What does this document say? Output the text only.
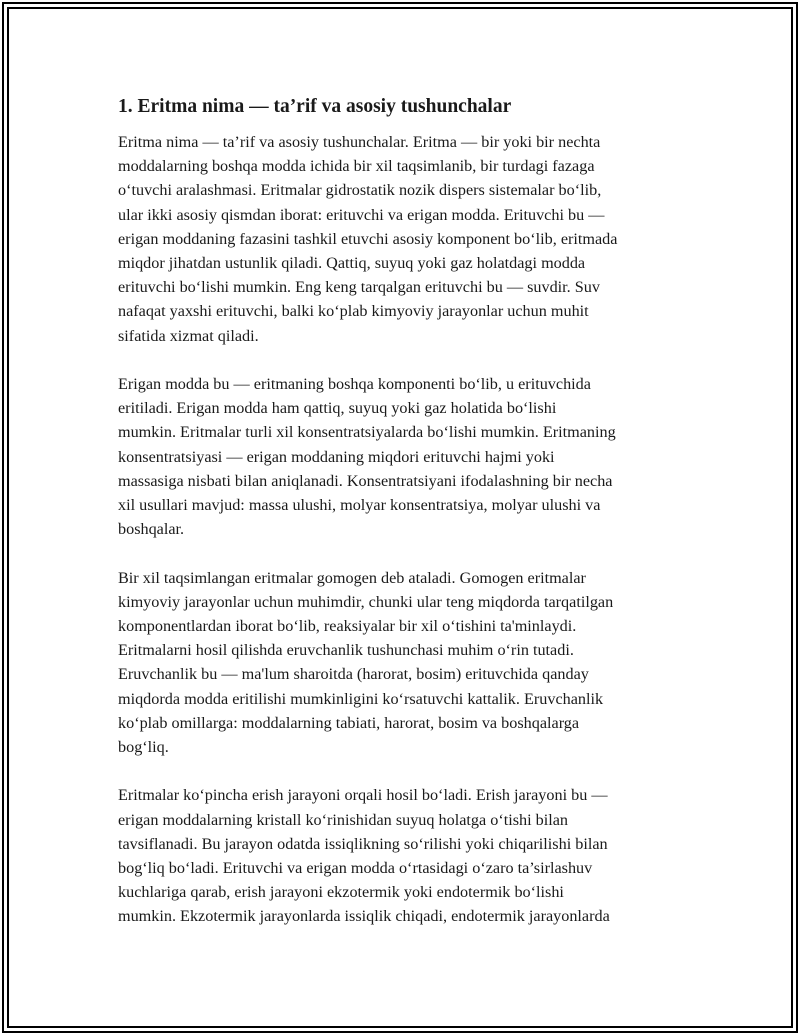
1. Eritma nima — ta’rif va asosiy tushunchalar

Eritma nima — ta’rif va asosiy tushunchalar. Eritma — bir yoki bir nechta
moddalarning boshqa modda ichida bir xil taqsimlanib, bir turdagi fazaga
o‘tuvchi aralashmasi. Eritmalar gidrostatik nozik dispers sistemalar bo‘lib,
ular ikki asosiy qismdan iborat: erituvchi va erigan modda. Erituvchi bu —
erigan moddaning fazasini tashkil etuvchi asosiy komponent bo‘lib, eritmada
miqdor jihatdan ustunlik qiladi. Qattiq, suyuq yoki gaz holatdagi modda
erituvchi bo‘lishi mumkin. Eng keng tarqalgan erituvchi bu — suvdir. Suv
nafaqat yaxshi erituvchi, balki ko‘plab kimyoviy jarayonlar uchun muhit
sifatida xizmat qiladi.

Erigan modda bu — eritmaning boshqa komponenti bo‘lib, u erituvchida
eritiladi. Erigan modda ham qattiq, suyuq yoki gaz holatida bo‘lishi
mumkin. Eritmalar turli xil konsentratsiyalarda bo‘lishi mumkin. Eritmaning
konsentratsiyasi — erigan moddaning miqdori erituvchi hajmi yoki
massasiga nisbati bilan aniqlanadi. Konsentratsiyani ifodalashning bir necha
xil usullari mavjud: massa ulushi, molyar konsentratsiya, molyar ulushi va
boshqalar.

Bir xil taqsimlangan eritmalar gomogen deb ataladi. Gomogen eritmalar
kimyoviy jarayonlar uchun muhimdir, chunki ular teng miqdorda tarqatilgan
komponentlardan iborat bo‘lib, reaksiyalar bir xil o‘tishini ta'minlaydi.
Eritmalarni hosil qilishda eruvchanlik tushunchasi muhim o‘rin tutadi.
Eruvchanlik bu — ma'lum sharoitda (harorat, bosim) erituvchida qanday
miqdorda modda eritilishi mumkinligini ko‘rsatuvchi kattalik. Eruvchanlik
ko‘plab omillarga: moddalarning tabiati, harorat, bosim va boshqalarga
bog‘liq.

Eritmalar ko‘pincha erish jarayoni orqali hosil bo‘ladi. Erish jarayoni bu —
erigan moddalarning kristall ko‘rinishidan suyuq holatga o‘tishi bilan
tavsiflanadi. Bu jarayon odatda issiqlikning so‘rilishi yoki chiqarilishi bilan
bog‘liq bo‘ladi. Erituvchi va erigan modda o‘rtasidagi o‘zaro ta’sirlashuv
kuchlariga qarab, erish jarayoni ekzotermik yoki endotermik bo‘lishi
mumkin. Ekzotermik jarayonlarda issiqlik chiqadi, endotermik jarayonlarda
